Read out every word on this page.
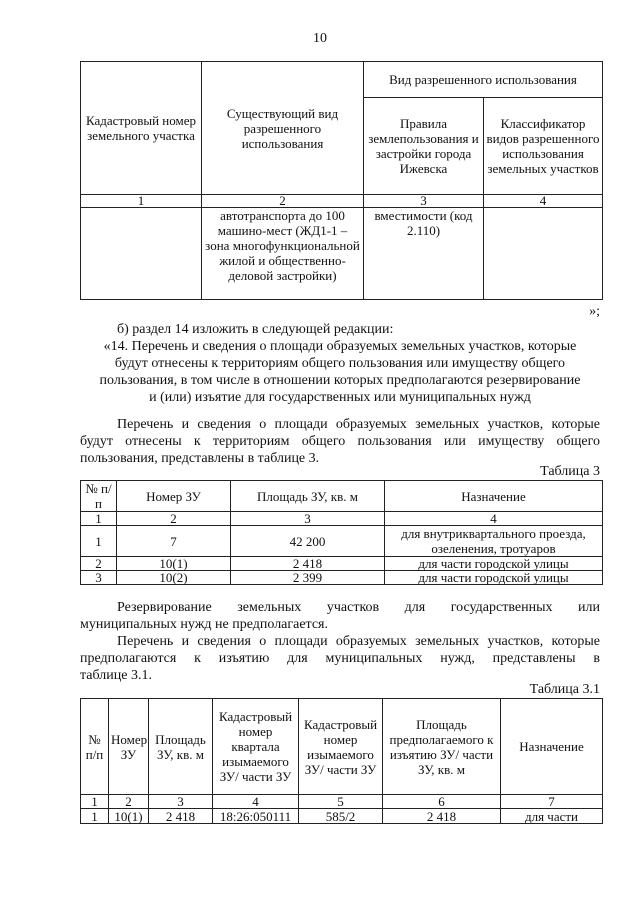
10
Кадастровый номер земельного участка	Существующий вид разрешенного использования	Вид разрешенного использования	
		Правила землепользования и застройки города Ижевска	Классификатор видов разрешенного использования земельных участков
1	2	3	4
	автотранспорта до 100 машино-мест (ЖД1-1 – зона многофункциональной жилой и общественно-деловой застройки)	вместимости (код 2.110)	
»;
б) раздел 14 изложить в следующей редакции:
«14. Перечень и сведения о площади образуемых земельных участков, которые
будут отнесены к территориям общего пользования или имуществу общего
пользования, в том числе в отношении которых предполагаются резервирование
и (или) изъятие для государственных или муниципальных нужд
Перечень и сведения о площади образуемых земельных участков, которые
будут отнесены к территориям общего пользования или имуществу общего
пользования, представлены в таблице 3.
Таблица 3
№ п/п	Номер ЗУ	Площадь ЗУ, кв. м	Назначение
1	2	3	4
1	7	42 200	для внутриквартального проезда, озеленения, тротуаров
2	10(1)	2 418	для части городской улицы
3	10(2)	2 399	для части городской улицы
Резервирование земельных участков для государственных или
муниципальных нужд не предполагается.
Перечень и сведения о площади образуемых земельных участков, которые
предполагаются к изъятию для муниципальных нужд, представлены в
таблице 3.1.
Таблица 3.1
№ п/п	Номер ЗУ	Площадь ЗУ, кв. м	Кадастровый номер квартала изымаемого ЗУ/ части ЗУ	Кадастровый номер изымаемого ЗУ/ части ЗУ	Площадь предполагаемого к изъятию ЗУ/ части ЗУ, кв. м	Назначение
1	2	3	4	5	6	7
1	10(1)	2 418	18:26:050111	585/2	2 418	для части
